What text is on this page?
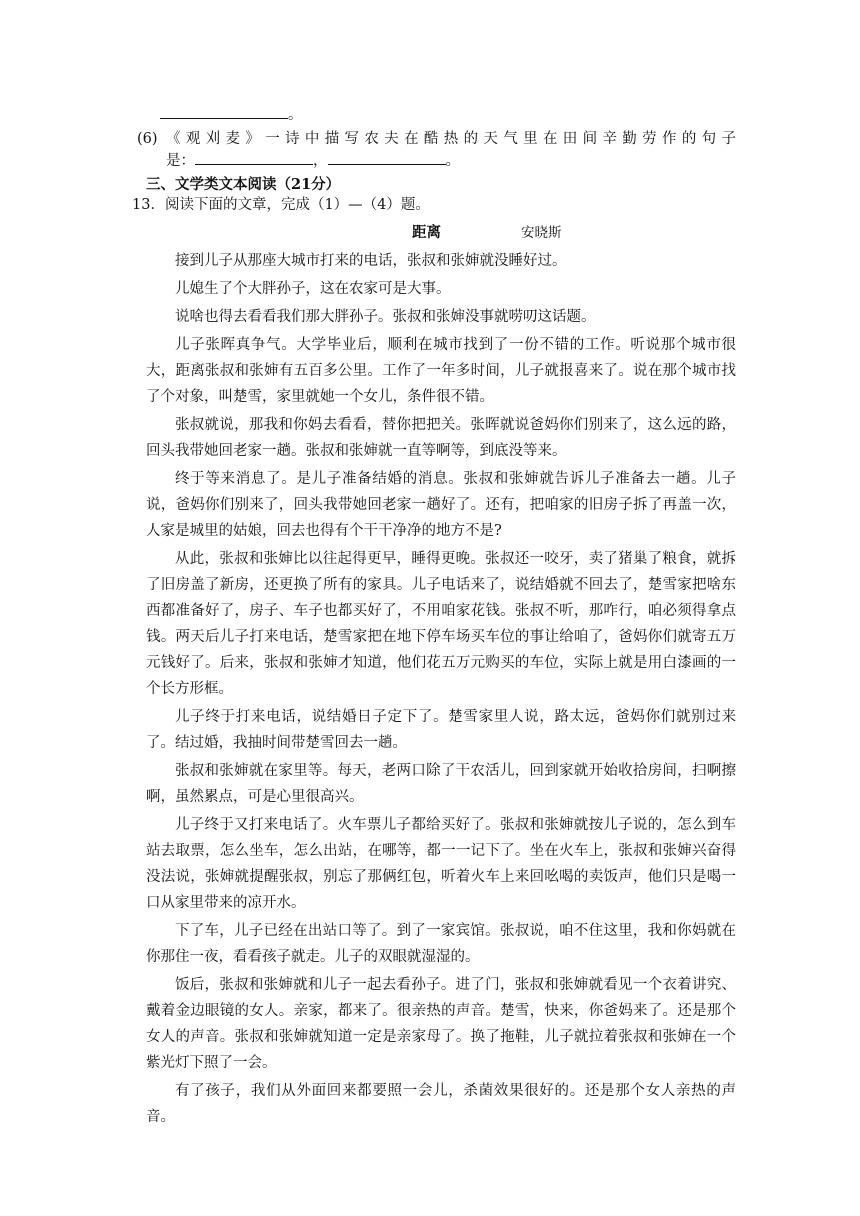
。
(6) 《观刈麦》一诗中描写农夫在酷热的天气里在田间辛勤劳作的句子
是：	，	。
三、文学类文本阅读（21分）
13．阅读下面的文章，完成（1）—（4）题。
距离	安晓斯

接到儿子从那座大城市打来的电话，张叔和张婶就没睡好过。

儿媳生了个大胖孙子，这在农家可是大事。

说啥也得去看看我们那大胖孙子。张叔和张婶没事就唠叨这话题。

儿子张晖真争气。大学毕业后，顺利在城市找到了一份不错的工作。听说那个城市很大，距离张叔和张婶有五百多公里。工作了一年多时间，儿子就报喜来了。说在那个城市找了个对象，叫楚雪，家里就她一个女儿，条件很不错。

张叔就说，那我和你妈去看看，替你把把关。张晖就说爸妈你们别来了，这么远的路，回头我带她回老家一趟。张叔和张婶就一直等啊等，到底没等来。

终于等来消息了。是儿子准备结婚的消息。张叔和张婶就告诉儿子准备去一趟。儿子说，爸妈你们别来了，回头我带她回老家一趟好了。还有，把咱家的旧房子拆了再盖一次，人家是城里的姑娘，回去也得有个干干净净的地方不是?

从此，张叔和张婶比以往起得更早，睡得更晚。张叔还一咬牙，卖了猪巢了粮食，就拆了旧房盖了新房，还更换了所有的家具。儿子电话来了，说结婚就不回去了，楚雪家把啥东西都准备好了，房子、车子也都买好了，不用咱家花钱。张叔不听，那咋行，咱必须得拿点钱。两天后儿子打来电话，楚雪家把在地下停车场买车位的事让给咱了，爸妈你们就寄五万元钱好了。后来，张叔和张婶才知道，他们花五万元购买的车位，实际上就是用白漆画的一个长方形框。

儿子终于打来电话，说结婚日子定下了。楚雪家里人说，路太远，爸妈你们就别过来了。结过婚，我抽时间带楚雪回去一趟。

张叔和张婶就在家里等。每天，老两口除了干农活儿，回到家就开始收拾房间，扫啊擦啊，虽然累点，可是心里很高兴。

儿子终于又打来电话了。火车票儿子都给买好了。张叔和张婶就按儿子说的，怎么到车站去取票，怎么坐车，怎么出站，在哪等，都一一记下了。坐在火车上，张叔和张婶兴奋得没法说，张婶就提醒张叔，别忘了那俩红包，听着火车上来回吆喝的卖饭声，他们只是喝一口从家里带来的凉开水。

下了车，儿子已经在出站口等了。到了一家宾馆。张叔说，咱不住这里，我和你妈就在你那住一夜，看看孩子就走。儿子的双眼就湿湿的。

饭后，张叔和张婶就和儿子一起去看孙子。进了门，张叔和张婶就看见一个衣着讲究、戴着金边眼镜的女人。亲家，都来了。很亲热的声音。楚雪，快来，你爸妈来了。还是那个女人的声音。张叔和张婶就知道一定是亲家母了。换了拖鞋，儿子就拉着张叔和张婶在一个紫光灯下照了一会。

有了孩子，我们从外面回来都要照一会儿，杀菌效果很好的。还是那个女人亲热的声音。
